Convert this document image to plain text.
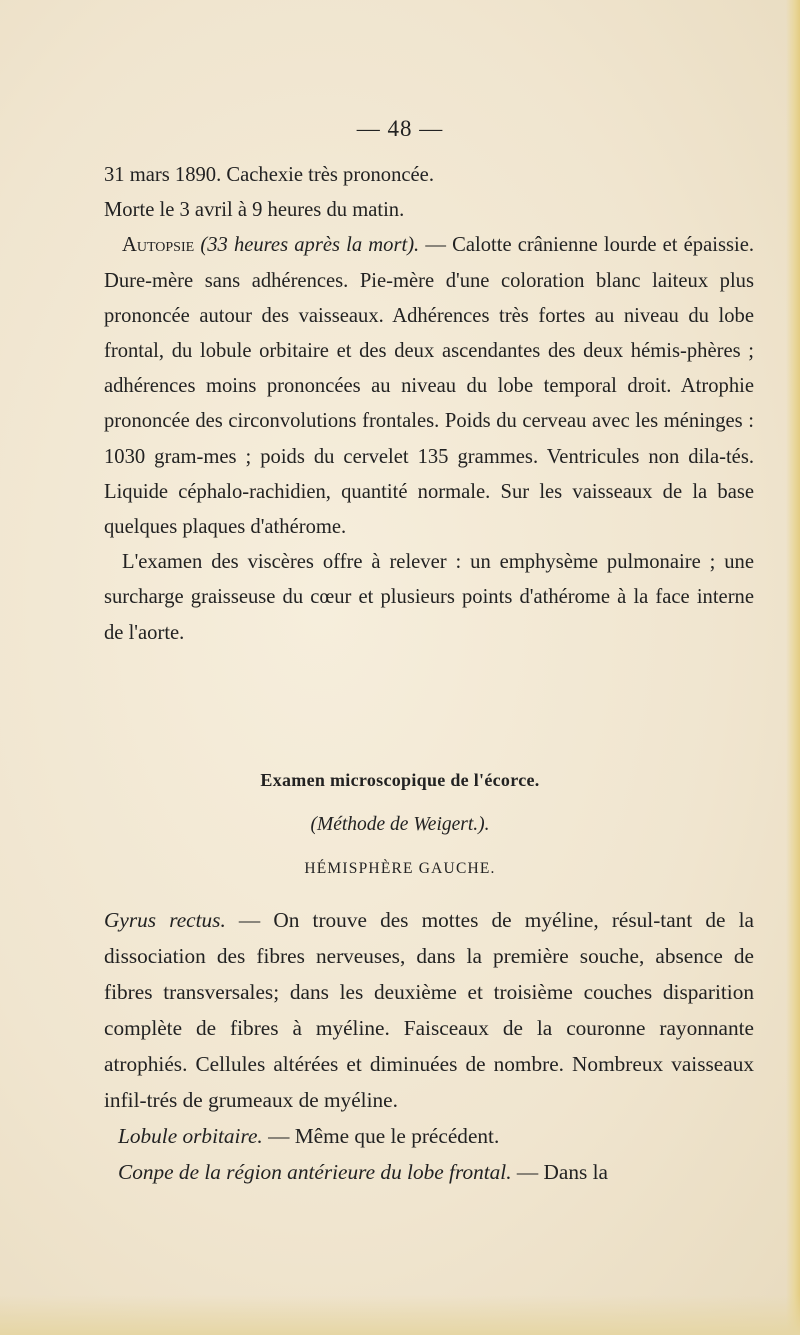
— 48 —

31 mars 1890. Cachexie très prononcée.

Morte le 3 avril à 9 heures du matin.

Autopsie (33 heures après la mort). — Calotte crânienne lourde et épaissie. Dure-mère sans adhérences. Pie-mère d'une coloration blanc laiteux plus prononcée autour des vaisseaux. Adhérences très fortes au niveau du lobe frontal, du lobule orbitaire et des deux ascendantes des deux hémis-phères ; adhérences moins prononcées au niveau du lobe temporal droit. Atrophie prononcée des circonvolutions frontales. Poids du cerveau avec les méninges : 1030 gram-mes ; poids du cervelet 135 grammes. Ventricules non dila-tés. Liquide céphalo-rachidien, quantité normale. Sur les vaisseaux de la base quelques plaques d'athérome.

L'examen des viscères offre à relever : un emphysème pulmonaire ; une surcharge graisseuse du cœur et plusieurs points d'athérome à la face interne de l'aorte.

Examen microscopique de l'écorce.
(Méthode de Weigert.).
HÉMISPHÈRE GAUCHE.

Gyrus rectus. — On trouve des mottes de myéline, résul-tant de la dissociation des fibres nerveuses, dans la première souche, absence de fibres transversales; dans les deuxième et troisième couches disparition complète de fibres à myéline. Faisceaux de la couronne rayonnante atrophiés. Cellules altérées et diminuées de nombre. Nombreux vaisseaux infil-trés de grumeaux de myéline.

Lobule orbitaire. — Même que le précédent.

Conpe de la région antérieure du lobe frontal. — Dans la
